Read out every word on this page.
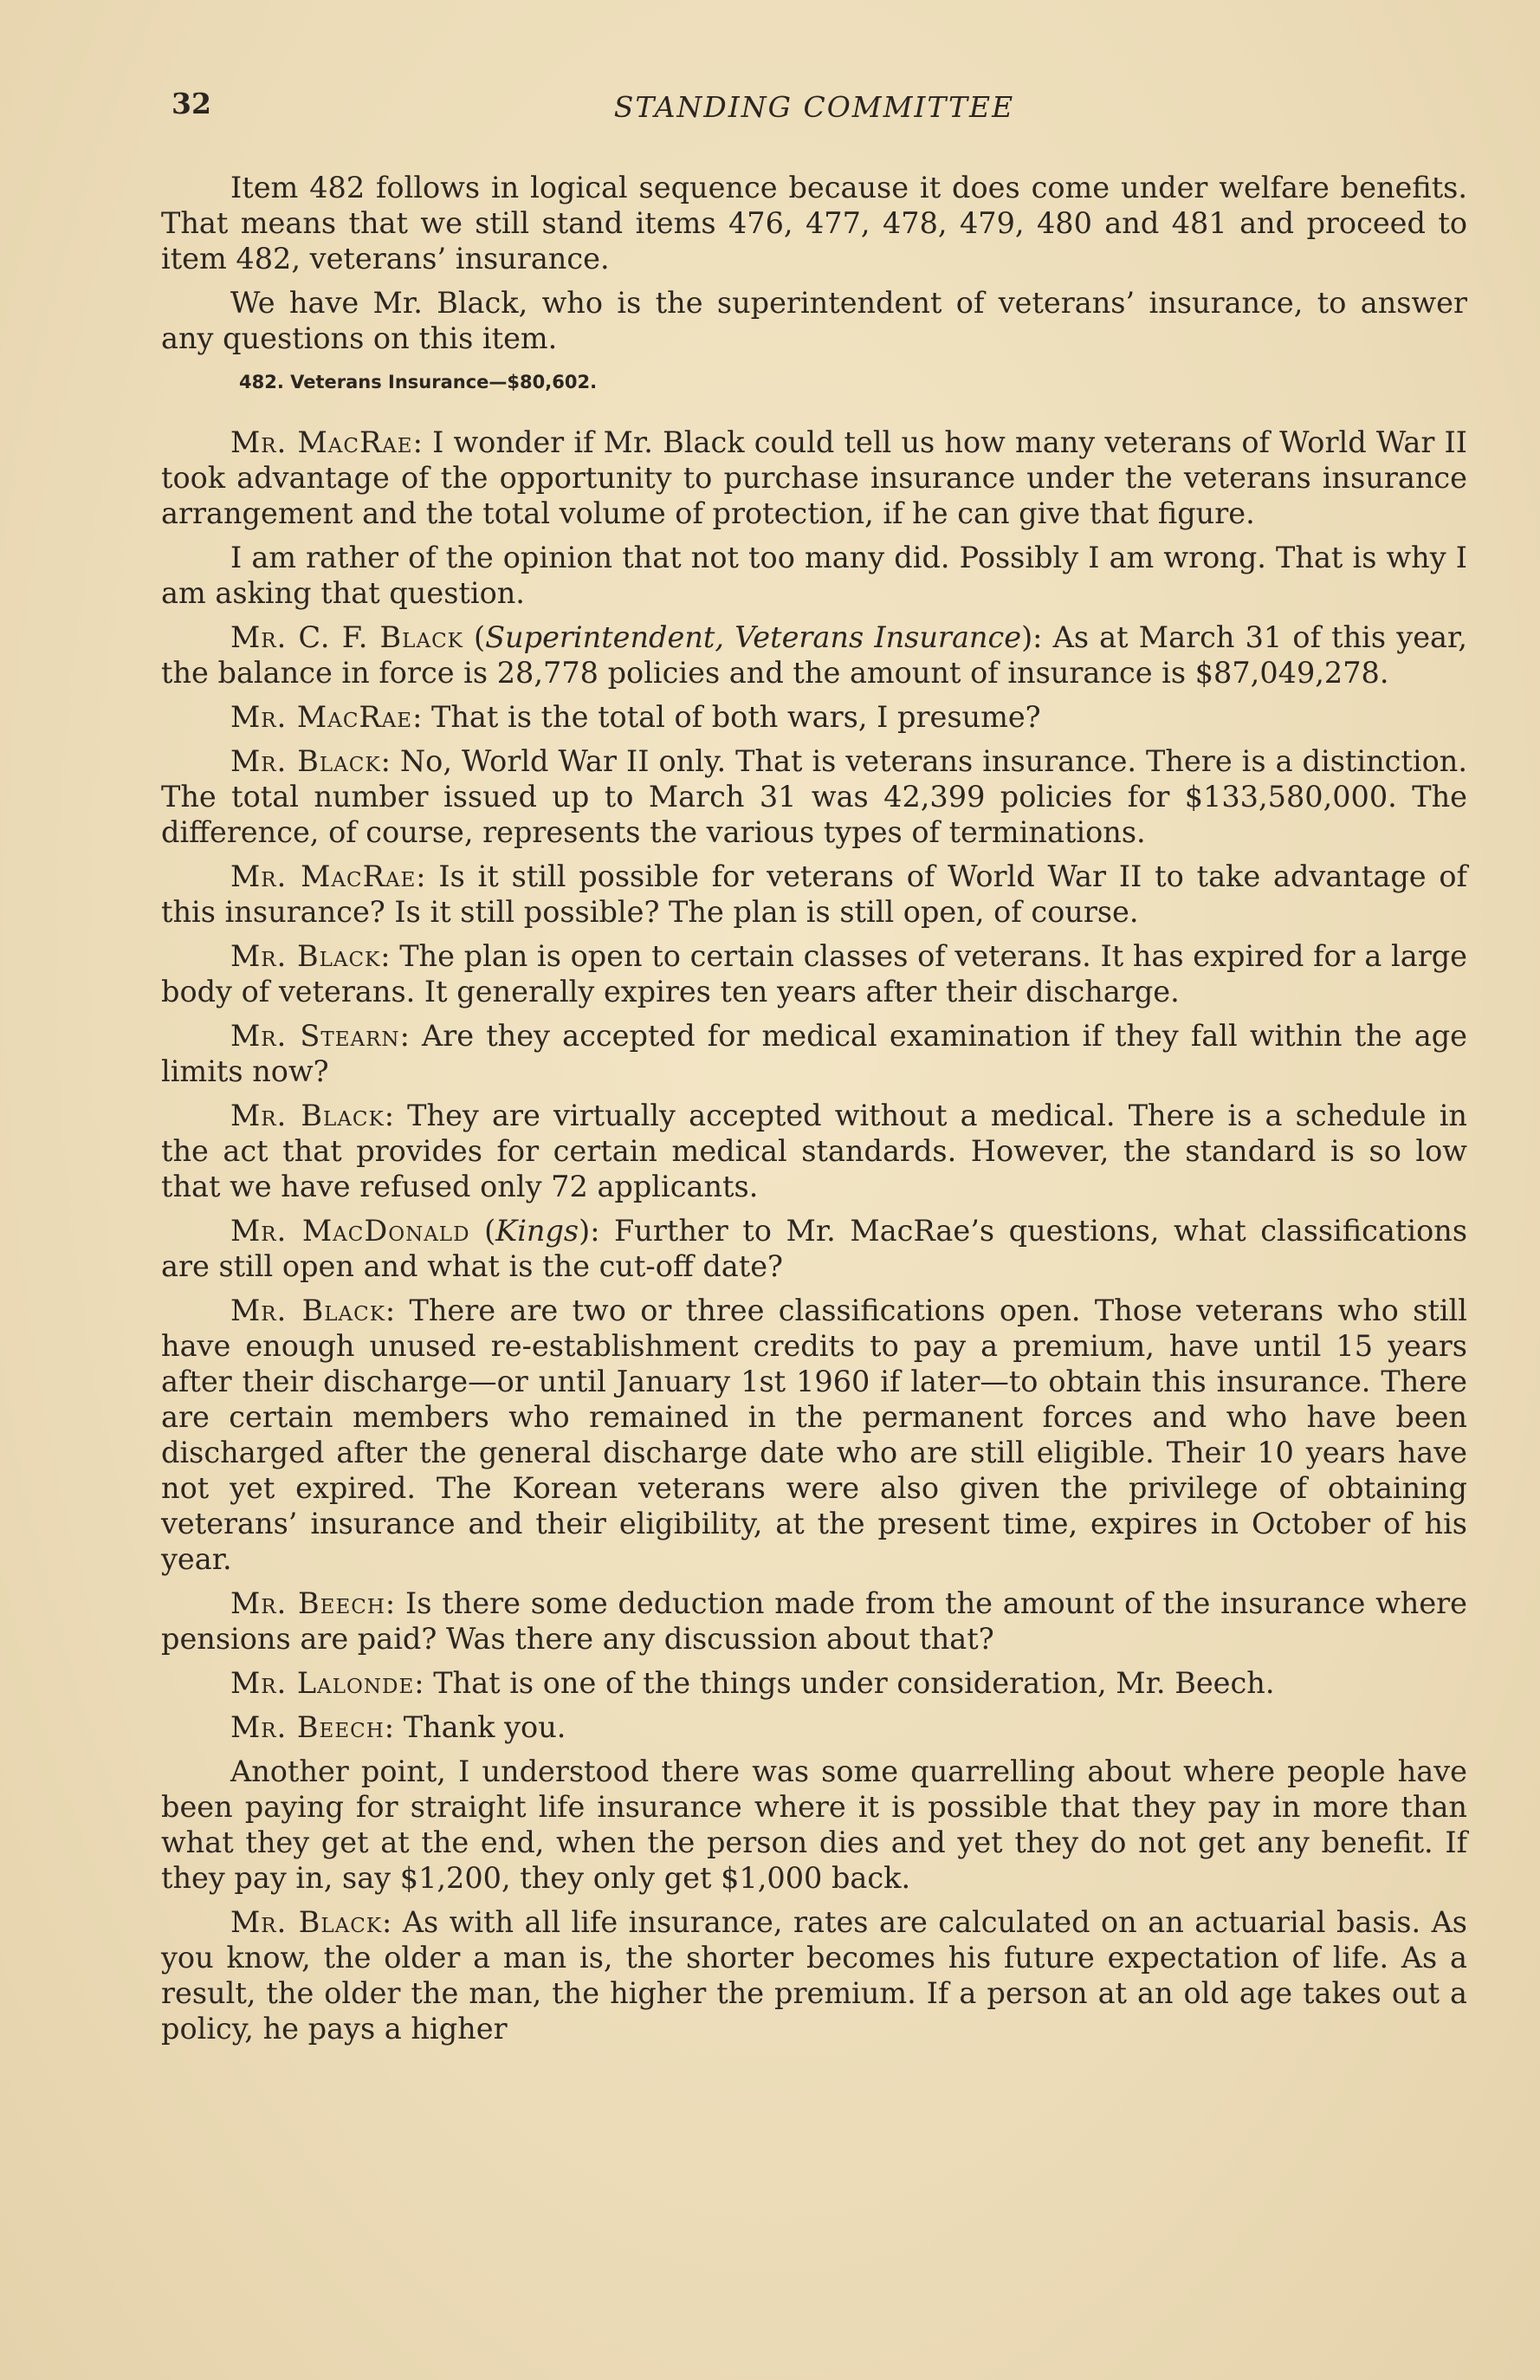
32	STANDING COMMITTEE

Item 482 follows in logical sequence because it does come under welfare benefits. That means that we still stand items 476, 477, 478, 479, 480 and 481 and proceed to item 482, veterans’ insurance.

We have Mr. Black, who is the superintendent of veterans’ insurance, to answer any questions on this item.

482. Veterans Insurance—$80,602.

Mr. MacRae: I wonder if Mr. Black could tell us how many veterans of World War II took advantage of the opportunity to purchase insurance under the veterans insurance arrangement and the total volume of protection, if he can give that figure.

I am rather of the opinion that not too many did. Possibly I am wrong. That is why I am asking that question.

Mr. C. F. Black (Superintendent, Veterans Insurance): As at March 31 of this year, the balance in force is 28,778 policies and the amount of insurance is $87,049,278.

Mr. MacRae: That is the total of both wars, I presume?

Mr. Black: No, World War II only. That is veterans insurance. There is a distinction. The total number issued up to March 31 was 42,399 policies for $133,580,000. The difference, of course, represents the various types of terminations.

Mr. MacRae: Is it still possible for veterans of World War II to take advantage of this insurance? Is it still possible? The plan is still open, of course.

Mr. Black: The plan is open to certain classes of veterans. It has expired for a large body of veterans. It generally expires ten years after their discharge.

Mr. Stearn: Are they accepted for medical examination if they fall within the age limits now?

Mr. Black: They are virtually accepted without a medical. There is a schedule in the act that provides for certain medical standards. However, the standard is so low that we have refused only 72 applicants.

Mr. MacDonald (Kings): Further to Mr. MacRae’s questions, what classifications are still open and what is the cut-off date?

Mr. Black: There are two or three classifications open. Those veterans who still have enough unused re-establishment credits to pay a premium, have until 15 years after their discharge—or until January 1st 1960 if later—to obtain this insurance. There are certain members who remained in the permanent forces and who have been discharged after the general discharge date who are still eligible. Their 10 years have not yet expired. The Korean veterans were also given the privilege of obtaining veterans’ insurance and their eligibility, at the present time, expires in October of his year.

Mr. Beech: Is there some deduction made from the amount of the insurance where pensions are paid? Was there any discussion about that?

Mr. Lalonde: That is one of the things under consideration, Mr. Beech.

Mr. Beech: Thank you.

Another point, I understood there was some quarrelling about where people have been paying for straight life insurance where it is possible that they pay in more than what they get at the end, when the person dies and yet they do not get any benefit. If they pay in, say $1,200, they only get $1,000 back.

Mr. Black: As with all life insurance, rates are calculated on an actuarial basis. As you know, the older a man is, the shorter becomes his future expectation of life. As a result, the older the man, the higher the premium. If a person at an old age takes out a policy, he pays a higher
